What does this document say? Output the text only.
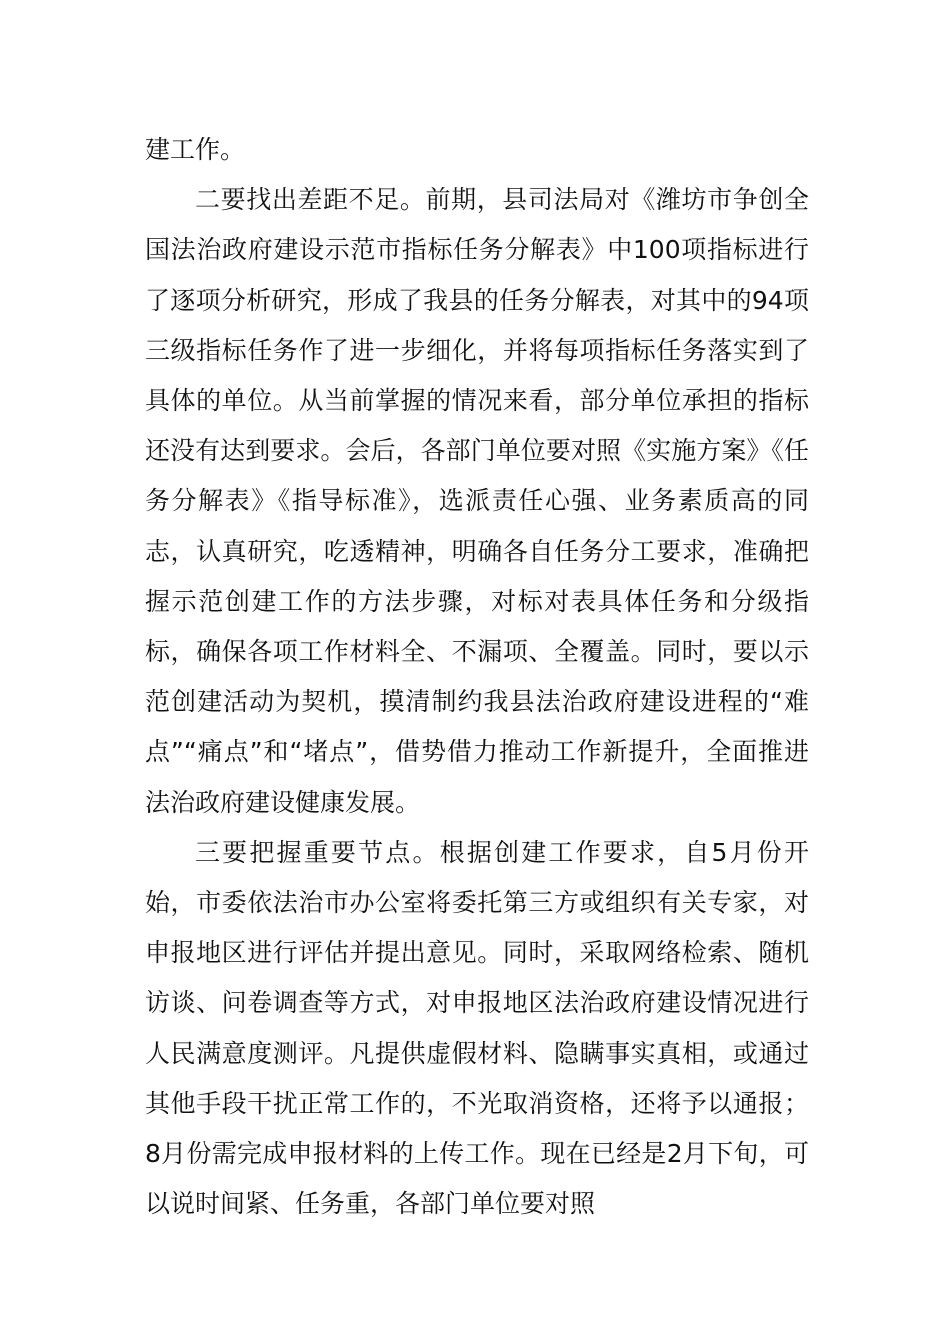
建工作。

二要找出差距不足。前期，县司法局对《潍坊市争创全国法治政府建设示范市指标任务分解表》中100项指标进行了逐项分析研究，形成了我县的任务分解表，对其中的94项三级指标任务作了进一步细化，并将每项指标任务落实到了具体的单位。从当前掌握的情况来看，部分单位承担的指标还没有达到要求。会后，各部门单位要对照《实施方案》《任务分解表》《指导标准》，选派责任心强、业务素质高的同志，认真研究，吃透精神，明确各自任务分工要求，准确把握示范创建工作的方法步骤，对标对表具体任务和分级指标，确保各项工作材料全、不漏项、全覆盖。同时，要以示范创建活动为契机，摸清制约我县法治政府建设进程的“难点”“痛点”和“堵点”，借势借力推动工作新提升，全面推进法治政府建设健康发展。

三要把握重要节点。根据创建工作要求，自5月份开始，市委依法治市办公室将委托第三方或组织有关专家，对申报地区进行评估并提出意见。同时，采取网络检索、随机访谈、问卷调查等方式，对申报地区法治政府建设情况进行人民满意度测评。凡提供虚假材料、隐瞒事实真相，或通过其他手段干扰正常工作的，不光取消资格，还将予以通报；8月份需完成申报材料的上传工作。现在已经是2月下旬，可以说时间紧、任务重，各部门单位要对照
